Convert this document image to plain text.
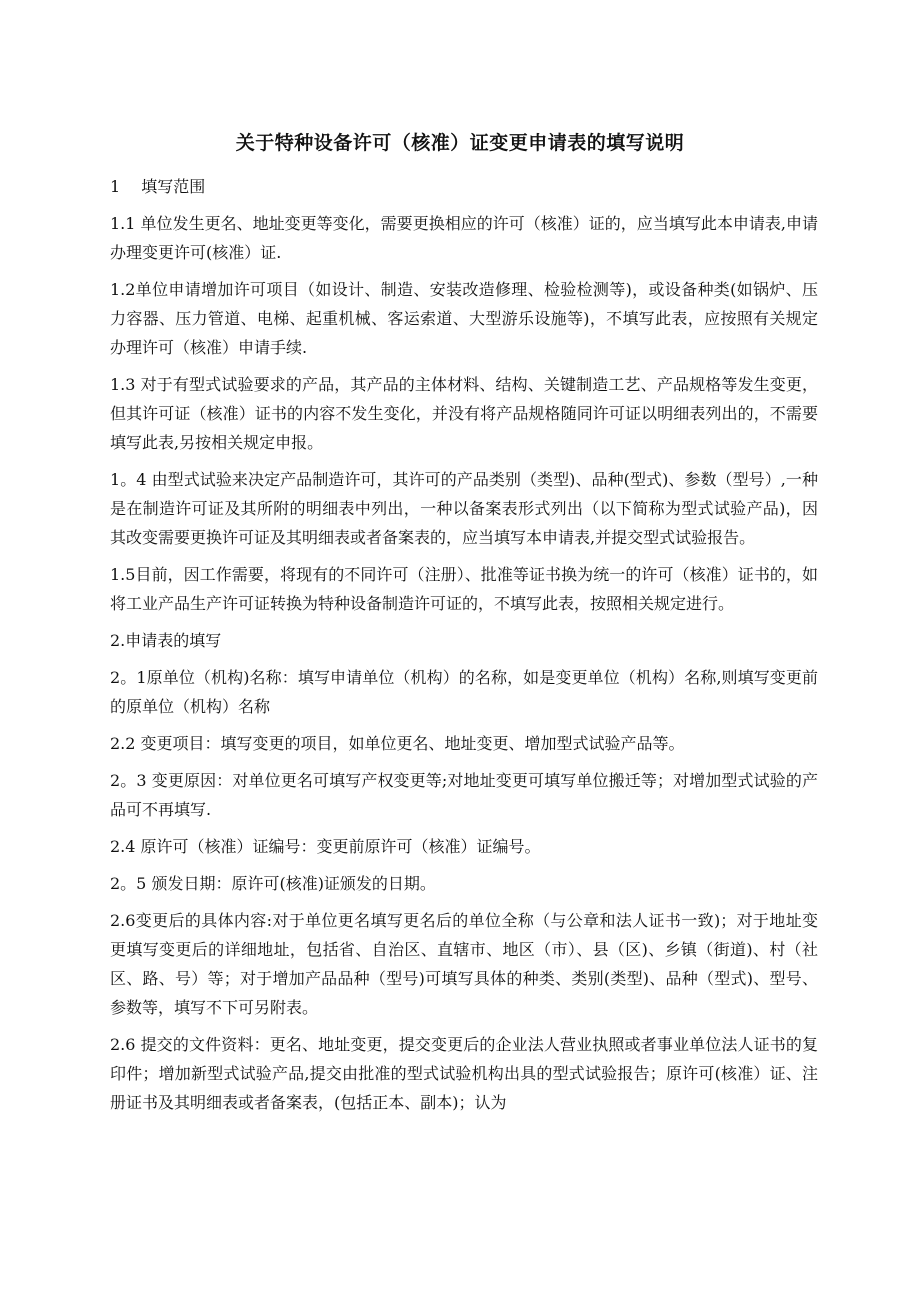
关于特种设备许可（核准）证变更申请表的填写说明

1　 填写范围

1.1 单位发生更名、地址变更等变化，需要更换相应的许可（核准）证的，应当填写此本申请表,申请办理变更许可(核准）证.

1.2单位申请增加许可项目（如设计、制造、安装改造修理、检验检测等)，或设备种类(如锅炉、压力容器、压力管道、电梯、起重机械、客运索道、大型游乐设施等)，不填写此表，应按照有关规定办理许可（核准）申请手续.

1.3 对于有型式试验要求的产品，其产品的主体材料、结构、关键制造工艺、产品规格等发生变更，但其许可证（核准）证书的内容不发生变化，并没有将产品规格随同许可证以明细表列出的，不需要填写此表,另按相关规定申报。

1。4 由型式试验来决定产品制造许可，其许可的产品类别（类型)、品种(型式)、参数（型号）,一种是在制造许可证及其所附的明细表中列出，一种以备案表形式列出（以下简称为型式试验产品)，因其改变需要更换许可证及其明细表或者备案表的，应当填写本申请表,并提交型式试验报告。

1.5目前，因工作需要，将现有的不同许可（注册）、批准等证书换为统一的许可（核准）证书的，如将工业产品生产许可证转换为特种设备制造许可证的，不填写此表，按照相关规定进行。

2.申请表的填写

2。1原单位（机构)名称：填写申请单位（机构）的名称，如是变更单位（机构）名称,则填写变更前的原单位（机构）名称

2.2 变更项目：填写变更的项目，如单位更名、地址变更、增加型式试验产品等。

2。3 变更原因：对单位更名可填写产权变更等;对地址变更可填写单位搬迁等；对增加型式试验的产品可不再填写.

2.4 原许可（核准）证编号：变更前原许可（核准）证编号。

2。5 颁发日期：原许可(核准)证颁发的日期。

2.6变更后的具体内容:对于单位更名填写更名后的单位全称（与公章和法人证书一致)；对于地址变更填写变更后的详细地址，包括省、自治区、直辖市、地区（市）、县（区)、乡镇（街道)、村（社区、路、号）等；对于增加产品品种（型号)可填写具体的种类、类别(类型)、品种（型式)、型号、参数等，填写不下可另附表。

2.6 提交的文件资料：更名、地址变更，提交变更后的企业法人营业执照或者事业单位法人证书的复印件；增加新型式试验产品,提交由批准的型式试验机构出具的型式试验报告；原许可(核准）证、注册证书及其明细表或者备案表，(包括正本、副本)；认为
